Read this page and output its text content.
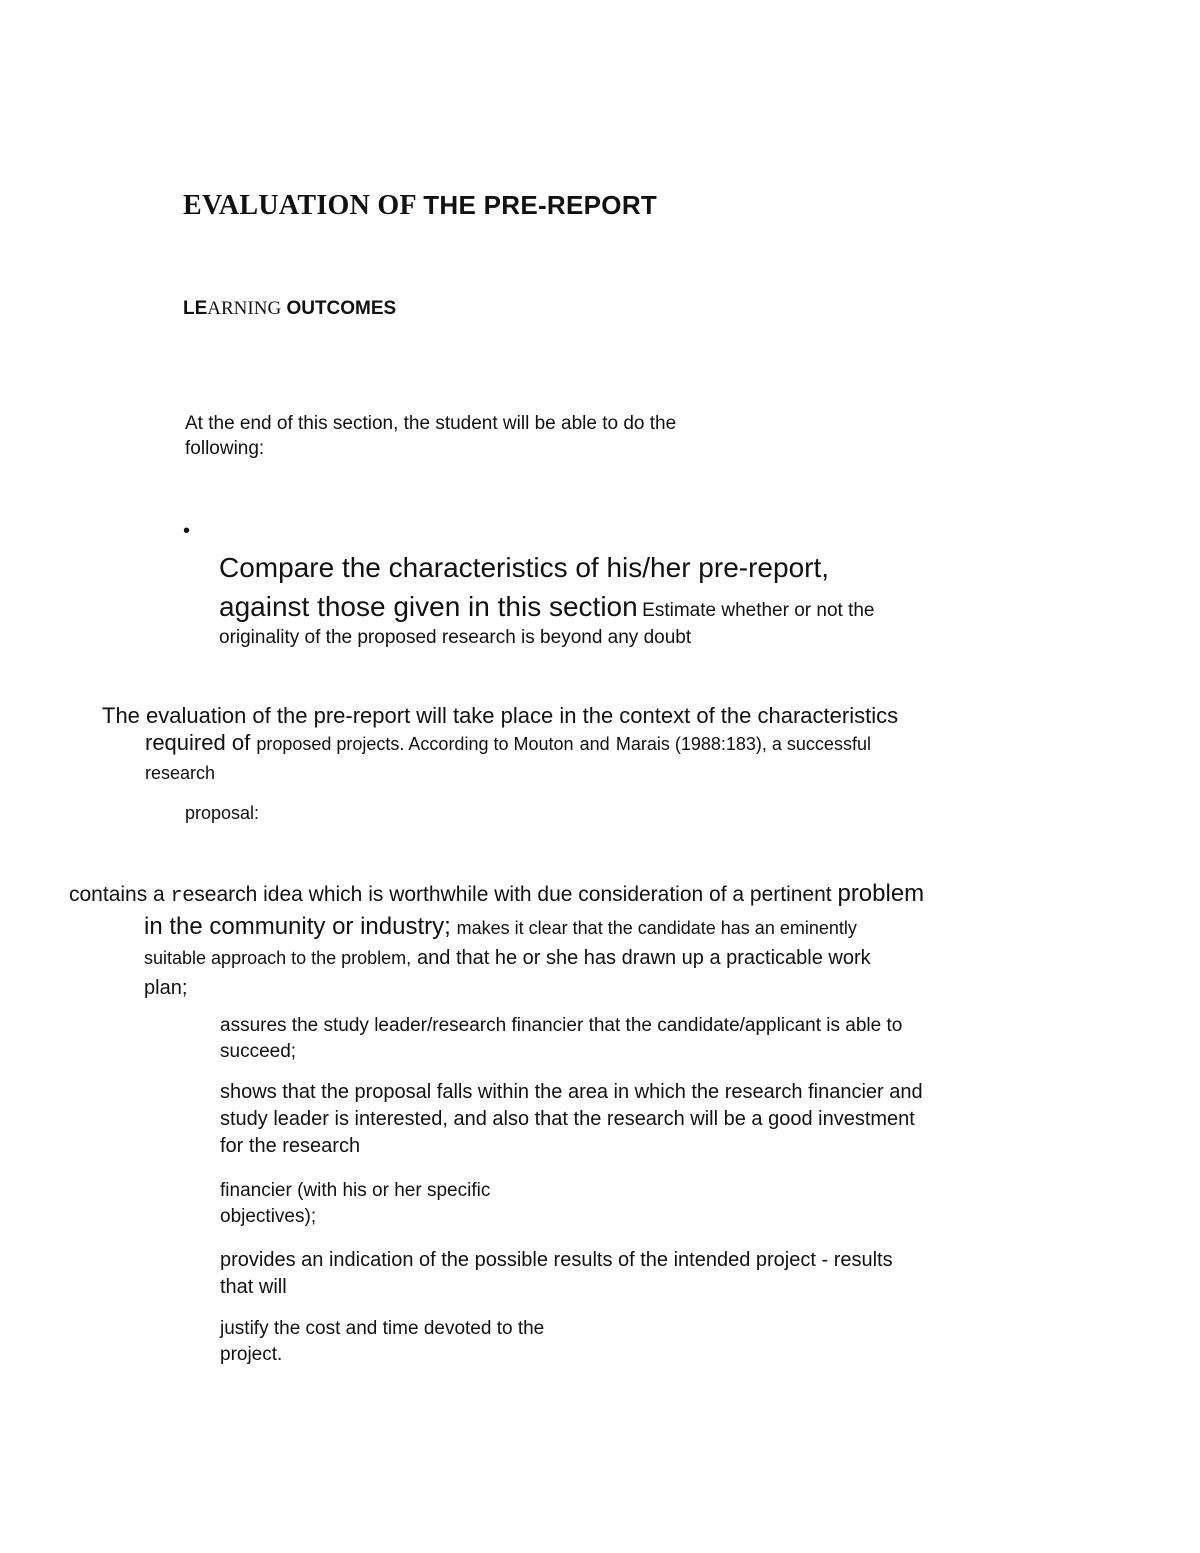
EVALUATION OF THE PRE-REPORT
LEARNING OUTCOMES

At the end of this section, the student will be able to do the
following:

•

Compare the characteristics of his/her pre-report,
against those given in this section Estimate whether or not the
originality of the proposed research is beyond any doubt

The evaluation of the pre-report will take place in the context of the characteristics
required of proposed projects. According to Mouton and Marais (1988:183), a successful
research

proposal:

contains a research idea which is worthwhile with due consideration of a pertinent problem
in the community or industry; makes it clear that the candidate has an eminently
suitable approach to the problem, and that he or she has drawn up a practicable work
plan;

assures the study leader/research financier that the candidate/applicant is able to
succeed;

shows that the proposal falls within the area in which the research financier and
study leader is interested, and also that the research will be a good investment
for the research

financier (with his or her specific
objectives);

provides an indication of the possible results of the intended project - results
that will

justify the cost and time devoted to the
project.
